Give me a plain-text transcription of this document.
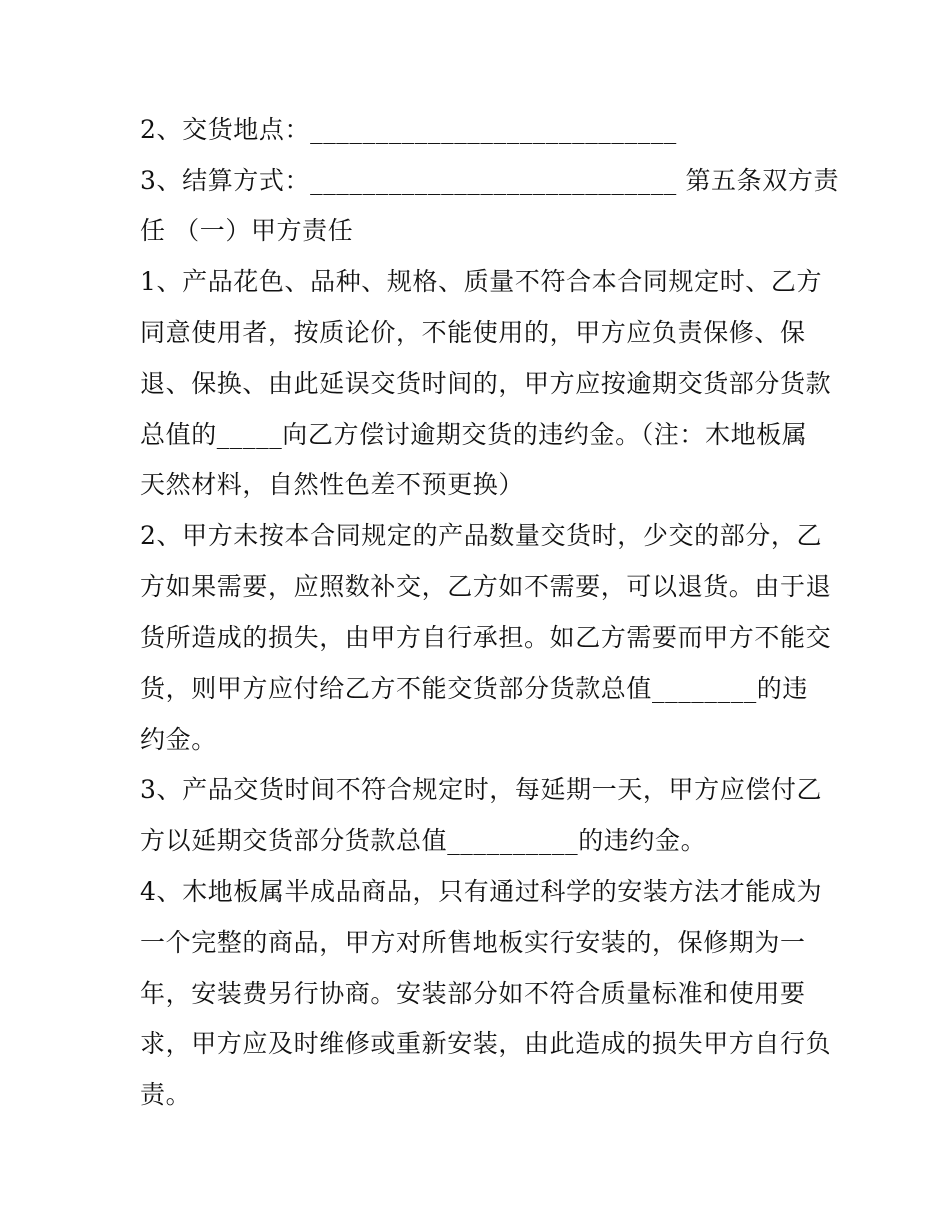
2、交货地点：____________________________
3、结算方式：____________________________ 第五条双方责
任 （一）甲方责任
1、产品花色、品种、规格、质量不符合本合同规定时、乙方
同意使用者，按质论价，不能使用的，甲方应负责保修、保
退、保换、由此延误交货时间的，甲方应按逾期交货部分货款
总值的_____向乙方偿讨逾期交货的违约金。（注：木地板属
天然材料，自然性色差不预更换）
2、甲方未按本合同规定的产品数量交货时，少交的部分，乙
方如果需要，应照数补交，乙方如不需要，可以退货。由于退
货所造成的损失，由甲方自行承担。如乙方需要而甲方不能交
货，则甲方应付给乙方不能交货部分货款总值________的违
约金。
3、产品交货时间不符合规定时，每延期一天，甲方应偿付乙
方以延期交货部分货款总值__________的违约金。
4、木地板属半成品商品，只有通过科学的安装方法才能成为
一个完整的商品，甲方对所售地板实行安装的，保修期为一
年，安装费另行协商。安装部分如不符合质量标准和使用要
求，甲方应及时维修或重新安装，由此造成的损失甲方自行负
责。
